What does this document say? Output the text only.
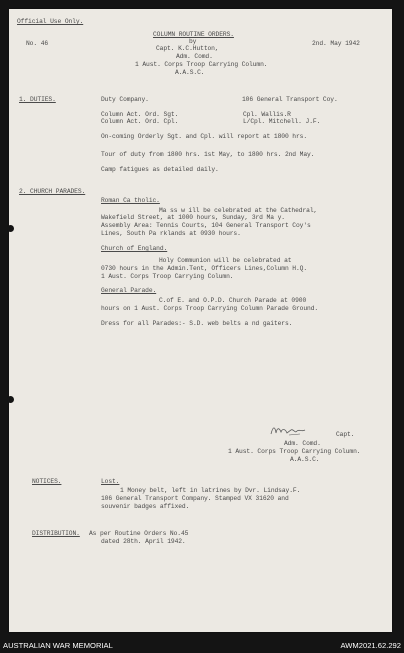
Official Use Only.
No. 46
COLUMN ROUTINE ORDERS.
by
Capt. K.C.Hutton,
Adm. Comd.
1 Aust. Corps Troop Carrying Column.
A.A.S.C.
2nd. May 1942
1. DUTIES.	Duty Company.	106 General Transport Coy.
Column Act. Ord. Sgt.	Cpl. Wallis.R
Column Act. Ord. Cpl.	L/Cpl. Mitchell. J.F.
On-coming Orderly Sgt. and Cpl. will report at 1800 hrs.
Tour of duty from 1800 hrs. 1st May, to 1800 hrs. 2nd May.
Camp fatigues as detailed daily.
2. CHURCH PARADES.
Roman Ca tholic.
Ma ss w ill be celebrated at the Cathedral,
Wakefield Street, at 1000 hours, Sunday, 3rd Ma y.
Assembly Area: Tennis Courts, 104 General Transport Coy's
Lines, South Pa rklands at 0930 hours.
Church of England.
Holy Communion will be celebrated at
0730 hours in the Admin.Tent, Officers Lines,Column H.Q.
1 Aust. Corps Troop Carrying Column.
General Parade.
C.of E. and O.P.D. Church Parade at 0900
hours on 1 Aust. Corps Troop Carrying Column Parade Ground.
Dress for all Parades:- S.D. web belts a nd gaiters.
Capt.
Adm. Comd.
1 Aust. Corps Troop Carrying Column.
A.A.S.C.
NOTICES.	Lost.
1 Money belt, left in latrines by Dvr. Lindsay.F.
106 General Transport Company. Stamped VX 31620 and
souvenir badges affixed.
DISTRIBUTION. As per Routine Orders No.45
dated 28th. April 1942.
AUSTRALIAN WAR MEMORIAL	AWM2021.62.292
